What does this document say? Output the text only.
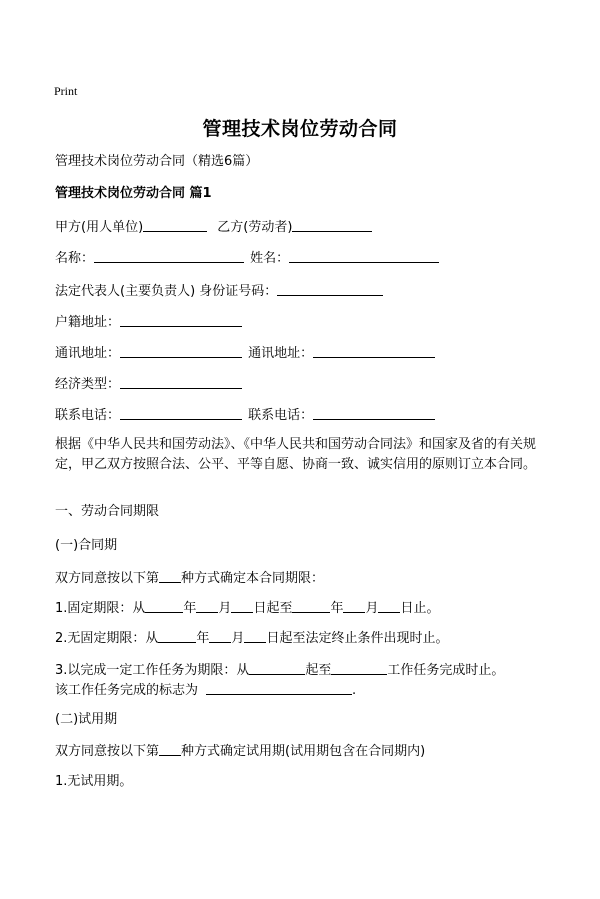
Print
管理技术岗位劳动合同
管理技术岗位劳动合同（精选6篇）
管理技术岗位劳动合同 篇1
甲方(用人单位)	乙方(劳动者)
名称：	姓名：
法定代表人(主要负责人) 身份证号码：
户籍地址：
通讯地址：	通讯地址：
经济类型：
联系电话：	联系电话：
根据《中华人民共和国劳动法》、《中华人民共和国劳动合同法》和国家及省的有关规定，甲乙双方按照合法、公平、平等自愿、协商一致、诚实信用的原则订立本合同。
一、劳动合同期限
(一)合同期
双方同意按以下第 种方式确定本合同期限：
1.固定期限：从	年 月 日起至	年 月 日止。
2.无固定期限：从	年 月 日起至法定终止条件出现时止。
3.以完成一定工作任务为期限：从	起至	工作任务完成时止。
该工作任务完成的标志为	.
(二)试用期
双方同意按以下第 种方式确定试用期(试用期包含在合同期内)
1.无试用期。
